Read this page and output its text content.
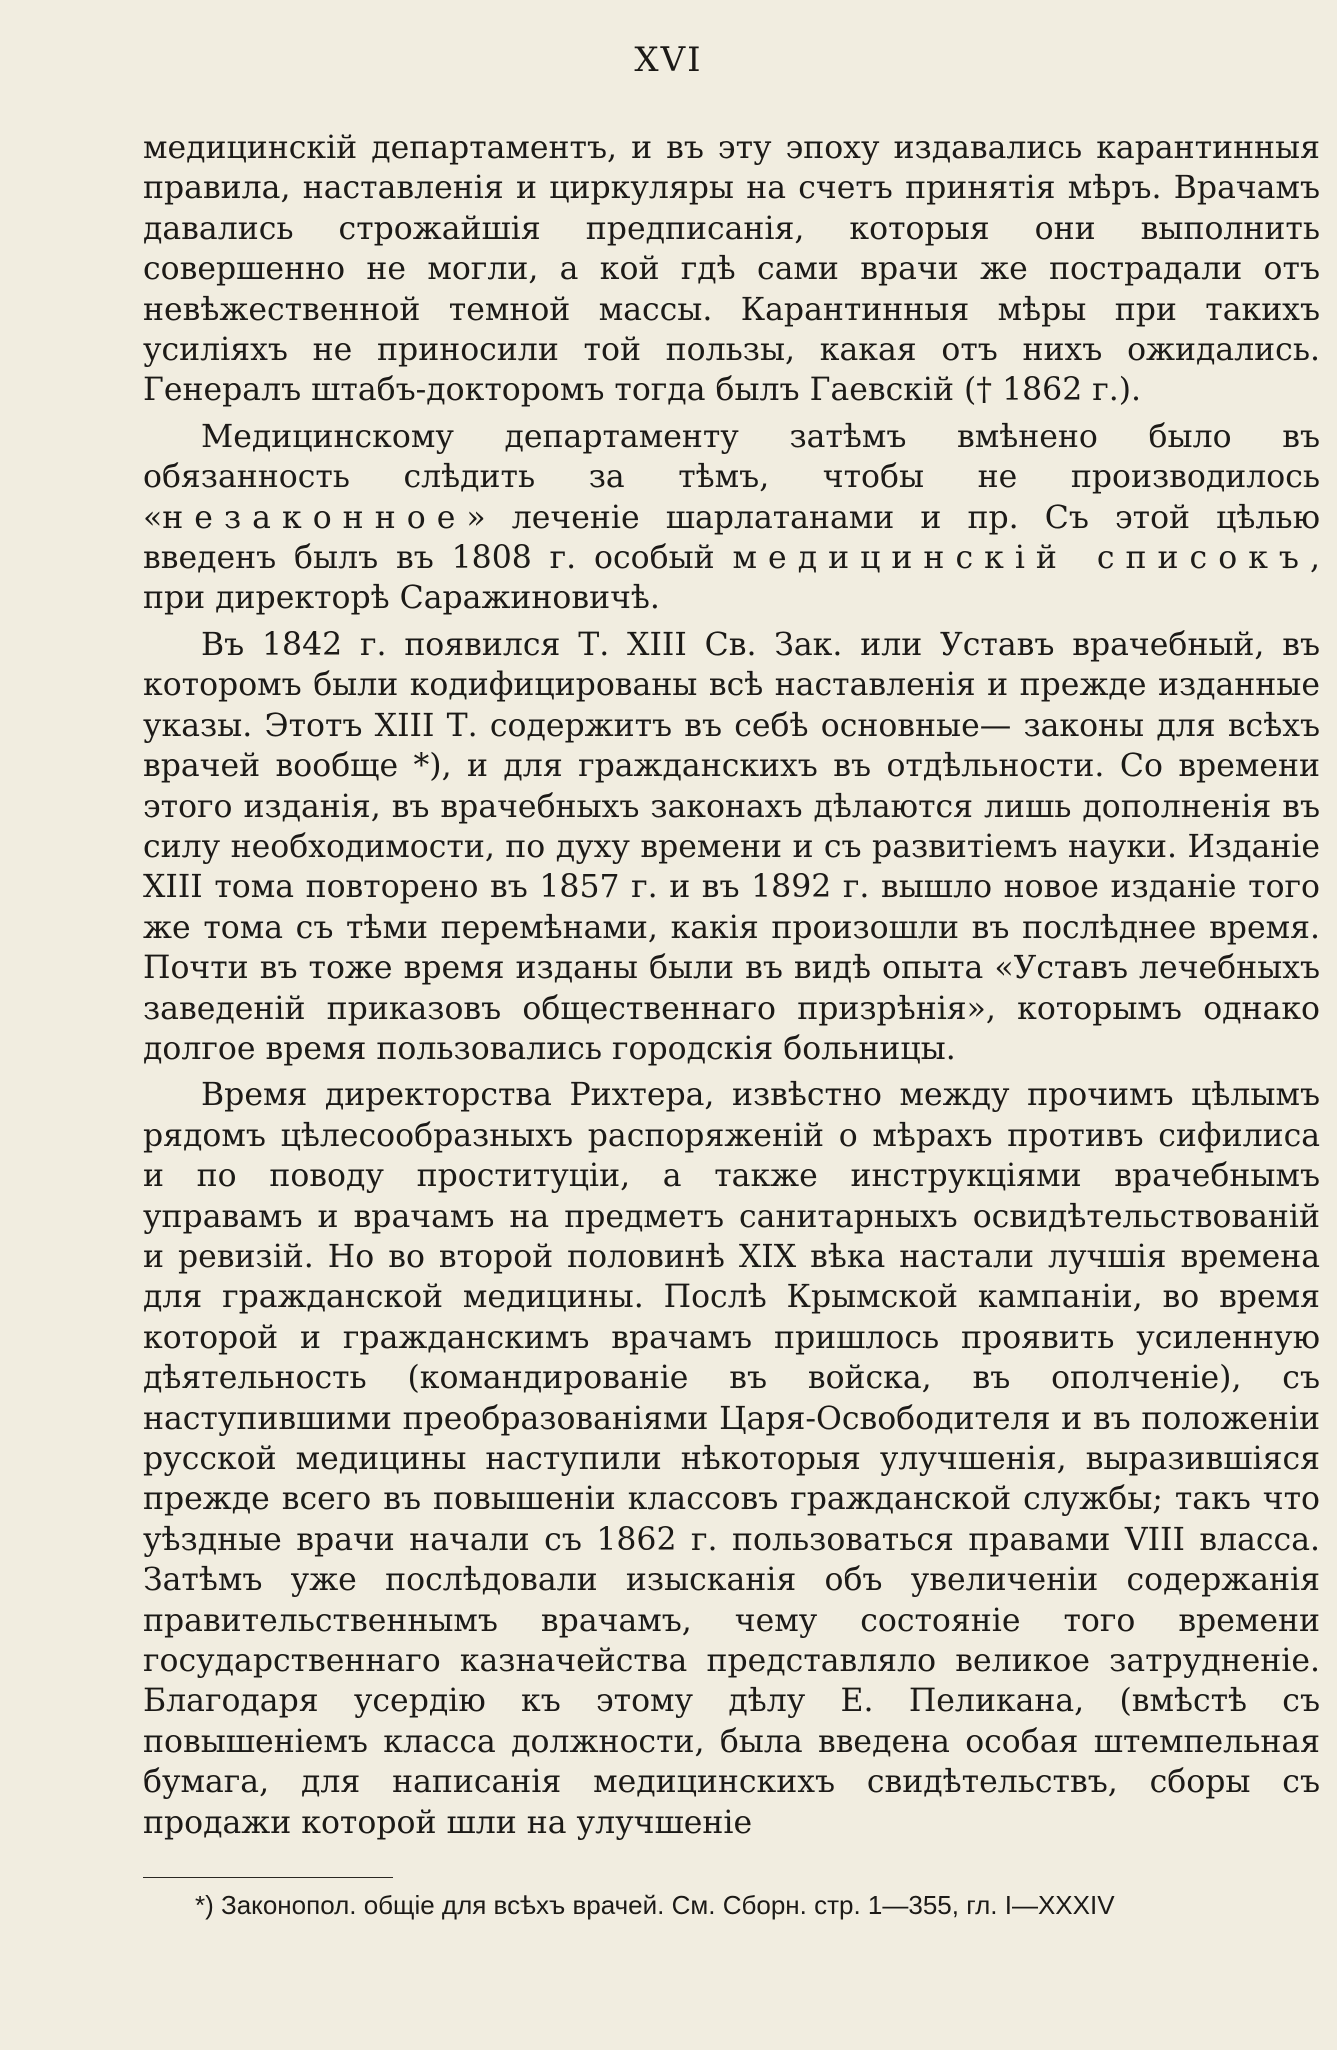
XVI

медицинскій департаментъ, и въ эту эпоху издавались карантинныя правила, наставленія и циркуляры на счетъ принятія мѣръ. Врачамъ давались строжайшія предписанія, которыя они выполнить совершенно не могли, а кой гдѣ сами врачи же пострадали отъ невѣжественной темной массы. Карантинныя мѣры при такихъ усиліяхъ не приносили той пользы, какая отъ нихъ ожидались. Генералъ штабъ-докторомъ тогда былъ Гаевскій († 1862 г.).

Медицинскому департаменту затѣмъ вмѣнено было въ обязанность слѣдить за тѣмъ, чтобы не производилось «незаконное» леченіе шарлатанами и пр. Съ этой цѣлью введенъ былъ въ 1808 г. особый медицинскій списокъ, при директорѣ Саражиновичѣ.

Въ 1842 г. появился Т. XIII Св. Зак. или Уставъ врачебный, въ которомъ были кодифицированы всѣ наставленія и прежде изданные указы. Этотъ XIII Т. содержитъ въ себѣ основные— законы для всѣхъ врачей вообще *), и для гражданскихъ въ отдѣльности. Со времени этого изданія, въ врачебныхъ законахъ дѣлаются лишь дополненія въ силу необходимости, по духу времени и съ развитіемъ науки. Изданіе XIII тома повторено въ 1857 г. и въ 1892 г. вышло новое изданіе того же тома съ тѣми перемѣнами, какія произошли въ послѣднее время. Почти въ тоже время изданы были въ видѣ опыта «Уставъ лечебныхъ заведеній приказовъ общественнаго призрѣнія», которымъ однако долгое время пользовались городскія больницы.

Время директорства Рихтера, извѣстно между прочимъ цѣлымъ рядомъ цѣлесообразныхъ распоряженій о мѣрахъ противъ сифилиса и по поводу проституціи, а также инструкціями врачебнымъ управамъ и врачамъ на предметъ санитарныхъ освидѣтельствованій и ревизій. Но во второй половинѣ XIX вѣка настали лучшія времена для гражданской медицины. Послѣ Крымской кампаніи, во время которой и гражданскимъ врачамъ пришлось проявить усиленную дѣятельность (командированіе въ войска, въ ополченіе), съ наступившими преобразованіями Царя-Освободителя и въ положеніи русской медицины наступили нѣкоторыя улучшенія, выразившіяся прежде всего въ повышеніи классовъ гражданской службы; такъ что уѣздные врачи начали съ 1862 г. пользоваться правами VIII власса. Затѣмъ уже послѣдовали изысканія объ увеличеніи содержанія правительственнымъ врачамъ, чему состояніе того времени государственнаго казначейства представляло великое затрудненіе. Благодаря усердію къ этому дѣлу Е. Пеликана, (вмѣстѣ съ повышеніемъ класса должности, была введена особая штемпельная бумага, для написанія медицинскихъ свидѣтельствъ, сборы съ продажи которой шли на улучшеніе

*) Законопол. общіе для всѣхъ врачей. См. Сборн. стр. 1—355, гл. I—XXXIV
